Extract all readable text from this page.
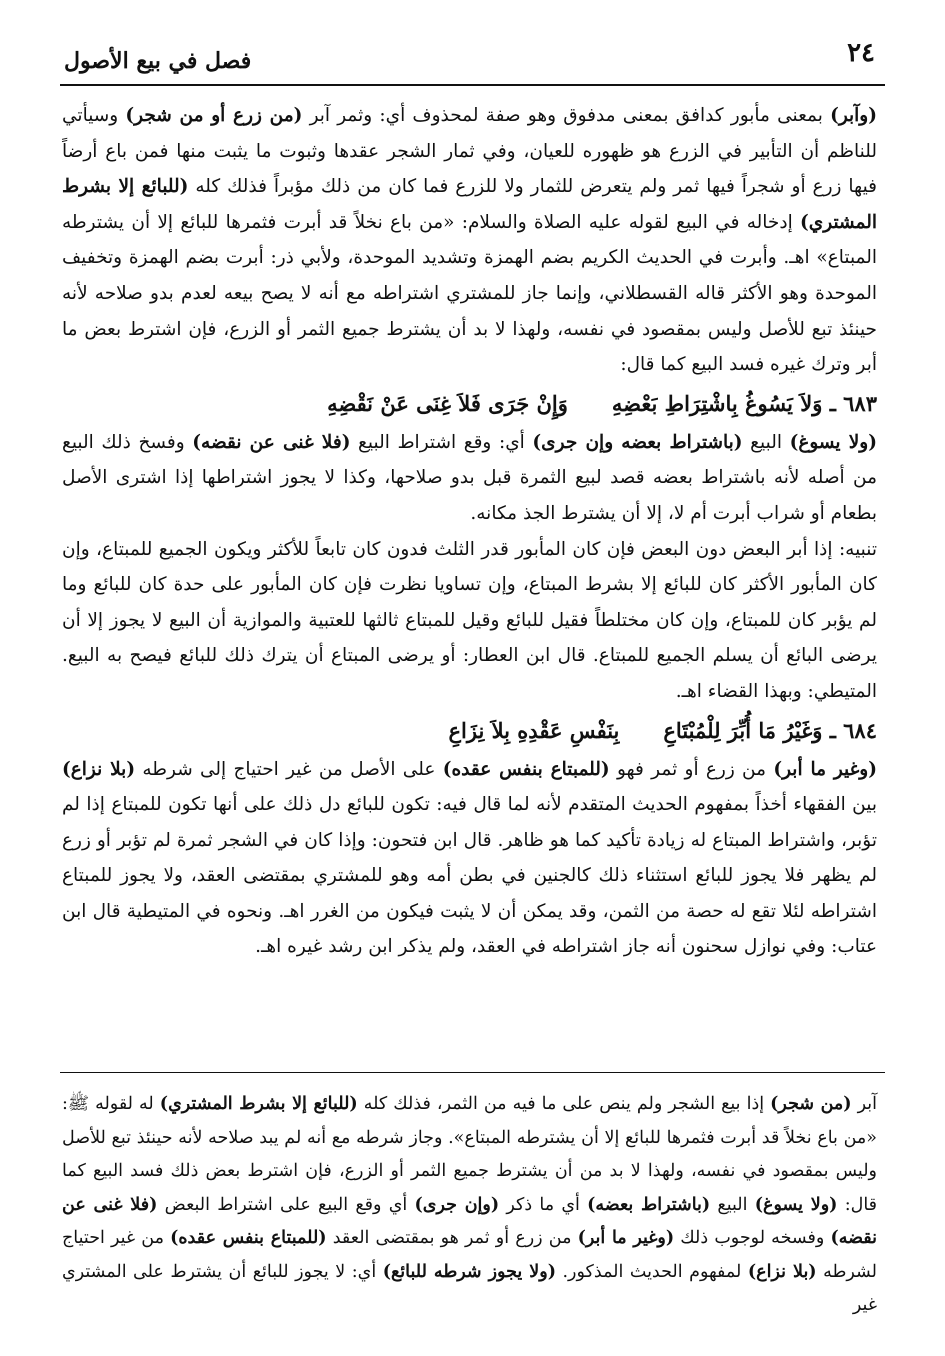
٢٤
فصل في بيع الأصول

(وآبر) بمعنى مأبور كدافق بمعنى مدفوق وهو صفة لمحذوف أي: وثمر آبر (من زرع أو من شجر) وسيأتي للناظم أن التأبير في الزرع هو ظهوره للعيان، وفي ثمار الشجر عقدها وثبوت ما يثبت منها فمن باع أرضاً فيها زرع أو شجراً فيها ثمر ولم يتعرض للثمار ولا للزرع فما كان من ذلك مؤبراً فذلك كله (للبائع إلا بشرط المشتري) إدخاله في البيع لقوله عليه الصلاة والسلام: «من باع نخلاً قد أبرت فثمرها للبائع إلا أن يشترطه المبتاع» اهـ. وأبرت في الحديث الكريم بضم الهمزة وتشديد الموحدة، ولأبي ذر: أبرت بضم الهمزة وتخفيف الموحدة وهو الأكثر قاله القسطلاني، وإنما جاز للمشتري اشتراطه مع أنه لا يصح بيعه لعدم بدو صلاحه لأنه حينئذ تبع للأصل وليس بمقصود في نفسه، ولهذا لا بد أن يشترط جميع الثمر أو الزرع، فإن اشترط بعض ما أبر وترك غيره فسد البيع كما قال:

٦٨٣ ـ وَلاَ يَسُوغُ بِاشْتِرَاطِ بَعْضِهِ
وَإِنْ جَرَى فَلاَ غِنَى عَنْ نَقْضِهِ

(ولا يسوغ) البيع (باشتراط بعضه وإن جرى) أي: وقع اشتراط البيع (فلا غنى عن نقضه) وفسخ ذلك البيع من أصله لأنه باشتراط بعضه قصد لبيع الثمرة قبل بدو صلاحها، وكذا لا يجوز اشتراطها إذا اشترى الأصل بطعام أو شراب أبرت أم لا، إلا أن يشترط الجذ مكانه.

تنبيه: إذا أبر البعض دون البعض فإن كان المأبور قدر الثلث فدون كان تابعاً للأكثر ويكون الجميع للمبتاع، وإن كان المأبور الأكثر كان للبائع إلا بشرط المبتاع، وإن تساويا نظرت فإن كان المأبور على حدة كان للبائع وما لم يؤبر كان للمبتاع، وإن كان مختلطاً فقيل للبائع وقيل للمبتاع ثالثها للعتبية والموازية أن البيع لا يجوز إلا أن يرضى البائع أن يسلم الجميع للمبتاع. قال ابن العطار: أو يرضى المبتاع أن يترك ذلك للبائع فيصح به البيع. المتيطي: وبهذا القضاء اهـ.

٦٨٤ ـ وَغَيْرُ مَا أُبِّرَ لِلْمُبْتَاعِ
بِنَفْسِ عَقْدِهِ بِلاَ نِزَاعِ

(وغير ما أبر) من زرع أو ثمر فهو (للمبتاع بنفس عقده) على الأصل من غير احتياج إلى شرطه (بلا نزاع) بين الفقهاء أخذاً بمفهوم الحديث المتقدم لأنه لما قال فيه: تكون للبائع دل ذلك على أنها تكون للمبتاع إذا لم تؤبر، واشتراط المبتاع له زيادة تأكيد كما هو ظاهر. قال ابن فتحون: وإذا كان في الشجر ثمرة لم تؤبر أو زرع لم يظهر فلا يجوز للبائع استثناء ذلك كالجنين في بطن أمه وهو للمشتري بمقتضى العقد، ولا يجوز للمبتاع اشتراطه لئلا تقع له حصة من الثمن، وقد يمكن أن لا يثبت فيكون من الغرر اهـ. ونحوه في المتيطية قال ابن عتاب: وفي نوازل سحنون أنه جاز اشتراطه في العقد، ولم يذكر ابن رشد غيره اهـ.

آبر (من شجر) إذا بيع الشجر ولم ينص على ما فيه من الثمر، فذلك كله (للبائع إلا بشرط المشتري) له لقوله ﷺ: «من باع نخلاً قد أبرت فثمرها للبائع إلا أن يشترطه المبتاع». وجاز شرطه مع أنه لم يبد صلاحه لأنه حينئذ تبع للأصل وليس بمقصود في نفسه، ولهذا لا بد من أن يشترط جميع الثمر أو الزرع، فإن اشترط بعض ذلك فسد البيع كما قال: (ولا يسوغ) البيع (باشتراط بعضه) أي ما ذكر (وإن جرى) أي وقع البيع على اشتراط البعض (فلا غنى عن نقضه) وفسخه لوجوب ذلك (وغير ما أبر) من زرع أو ثمر هو بمقتضى العقد (للمبتاع بنفس عقده) من غير احتياج لشرطه (بلا نزاع) لمفهوم الحديث المذكور. (ولا يجوز شرطه للبائع) أي: لا يجوز للبائع أن يشترط على المشتري غير
